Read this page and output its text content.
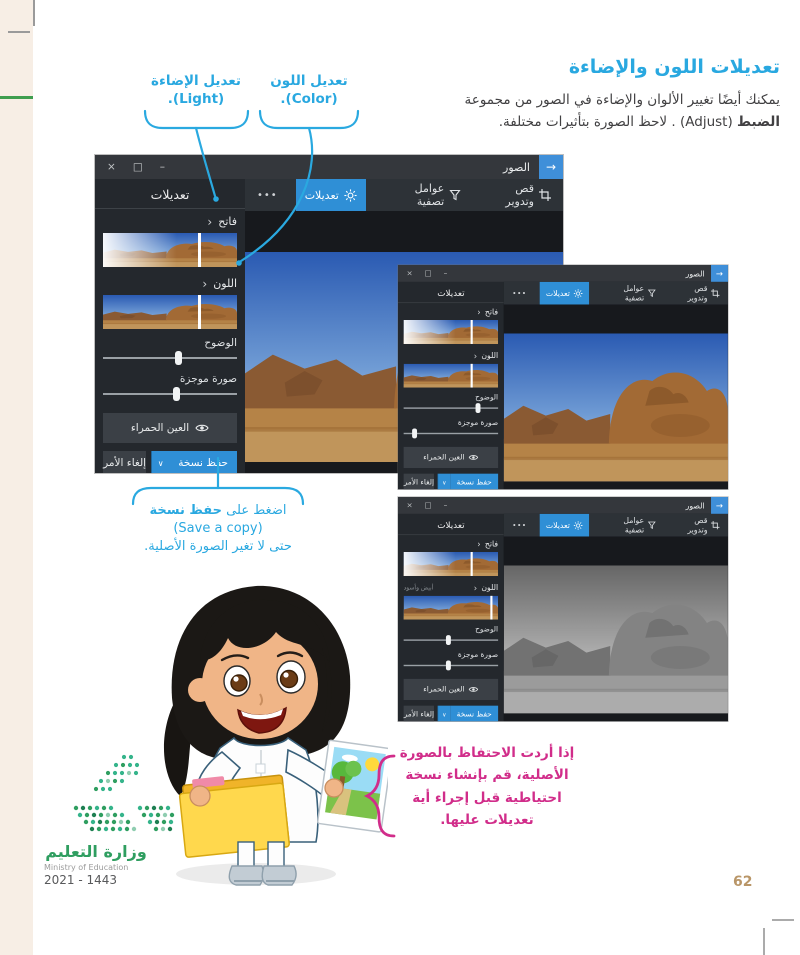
تعديلات اللون والإضاءة
يمكنك أيضًا تغيير الألوان والإضاءة في الصور من مجموعة
الضبط (Adjust) . لاحظ الصورة بتأثيرات مختلفة.
تعديل الإضاءة
(Light).
تعديل اللون
(Color).
× □ –	الصور →
تعديلات
فاتح
‹
اللون
‹
الوضوح
صورة موجزة
العين الحمراء
حفظ نسخة
∨
إلغاء الأمر
قص وتدوير
عوامل تصفية
تعديلات
•••
× □ –	الصور →
تعديلات
فاتح
‹
اللون
‹
الوضوح
صورة موجزة
العين الحمراء
حفظ نسخة
∨
إلغاء الأمر
قص وتدوير
عوامل تصفية
تعديلات
•••
× □ –	الصور →
تعديلات
فاتح
‹
اللون
‹
أبيض وأسود
الوضوح
صورة موجزة
العين الحمراء
حفظ نسخة
∨
إلغاء الأمر
قص وتدوير
عوامل تصفية
تعديلات
•••
اضغط على حفظ نسخة
(Save a copy)
حتى لا تغير الصورة الأصلية.
إذا أردت الاحتفاظ بالصورة
الأصلية، قم بإنشاء نسخة
احتياطية قبل إجراء أية
تعديلات عليها.
وزارة التعليم
Ministry of Education
2021 - 1443	62
